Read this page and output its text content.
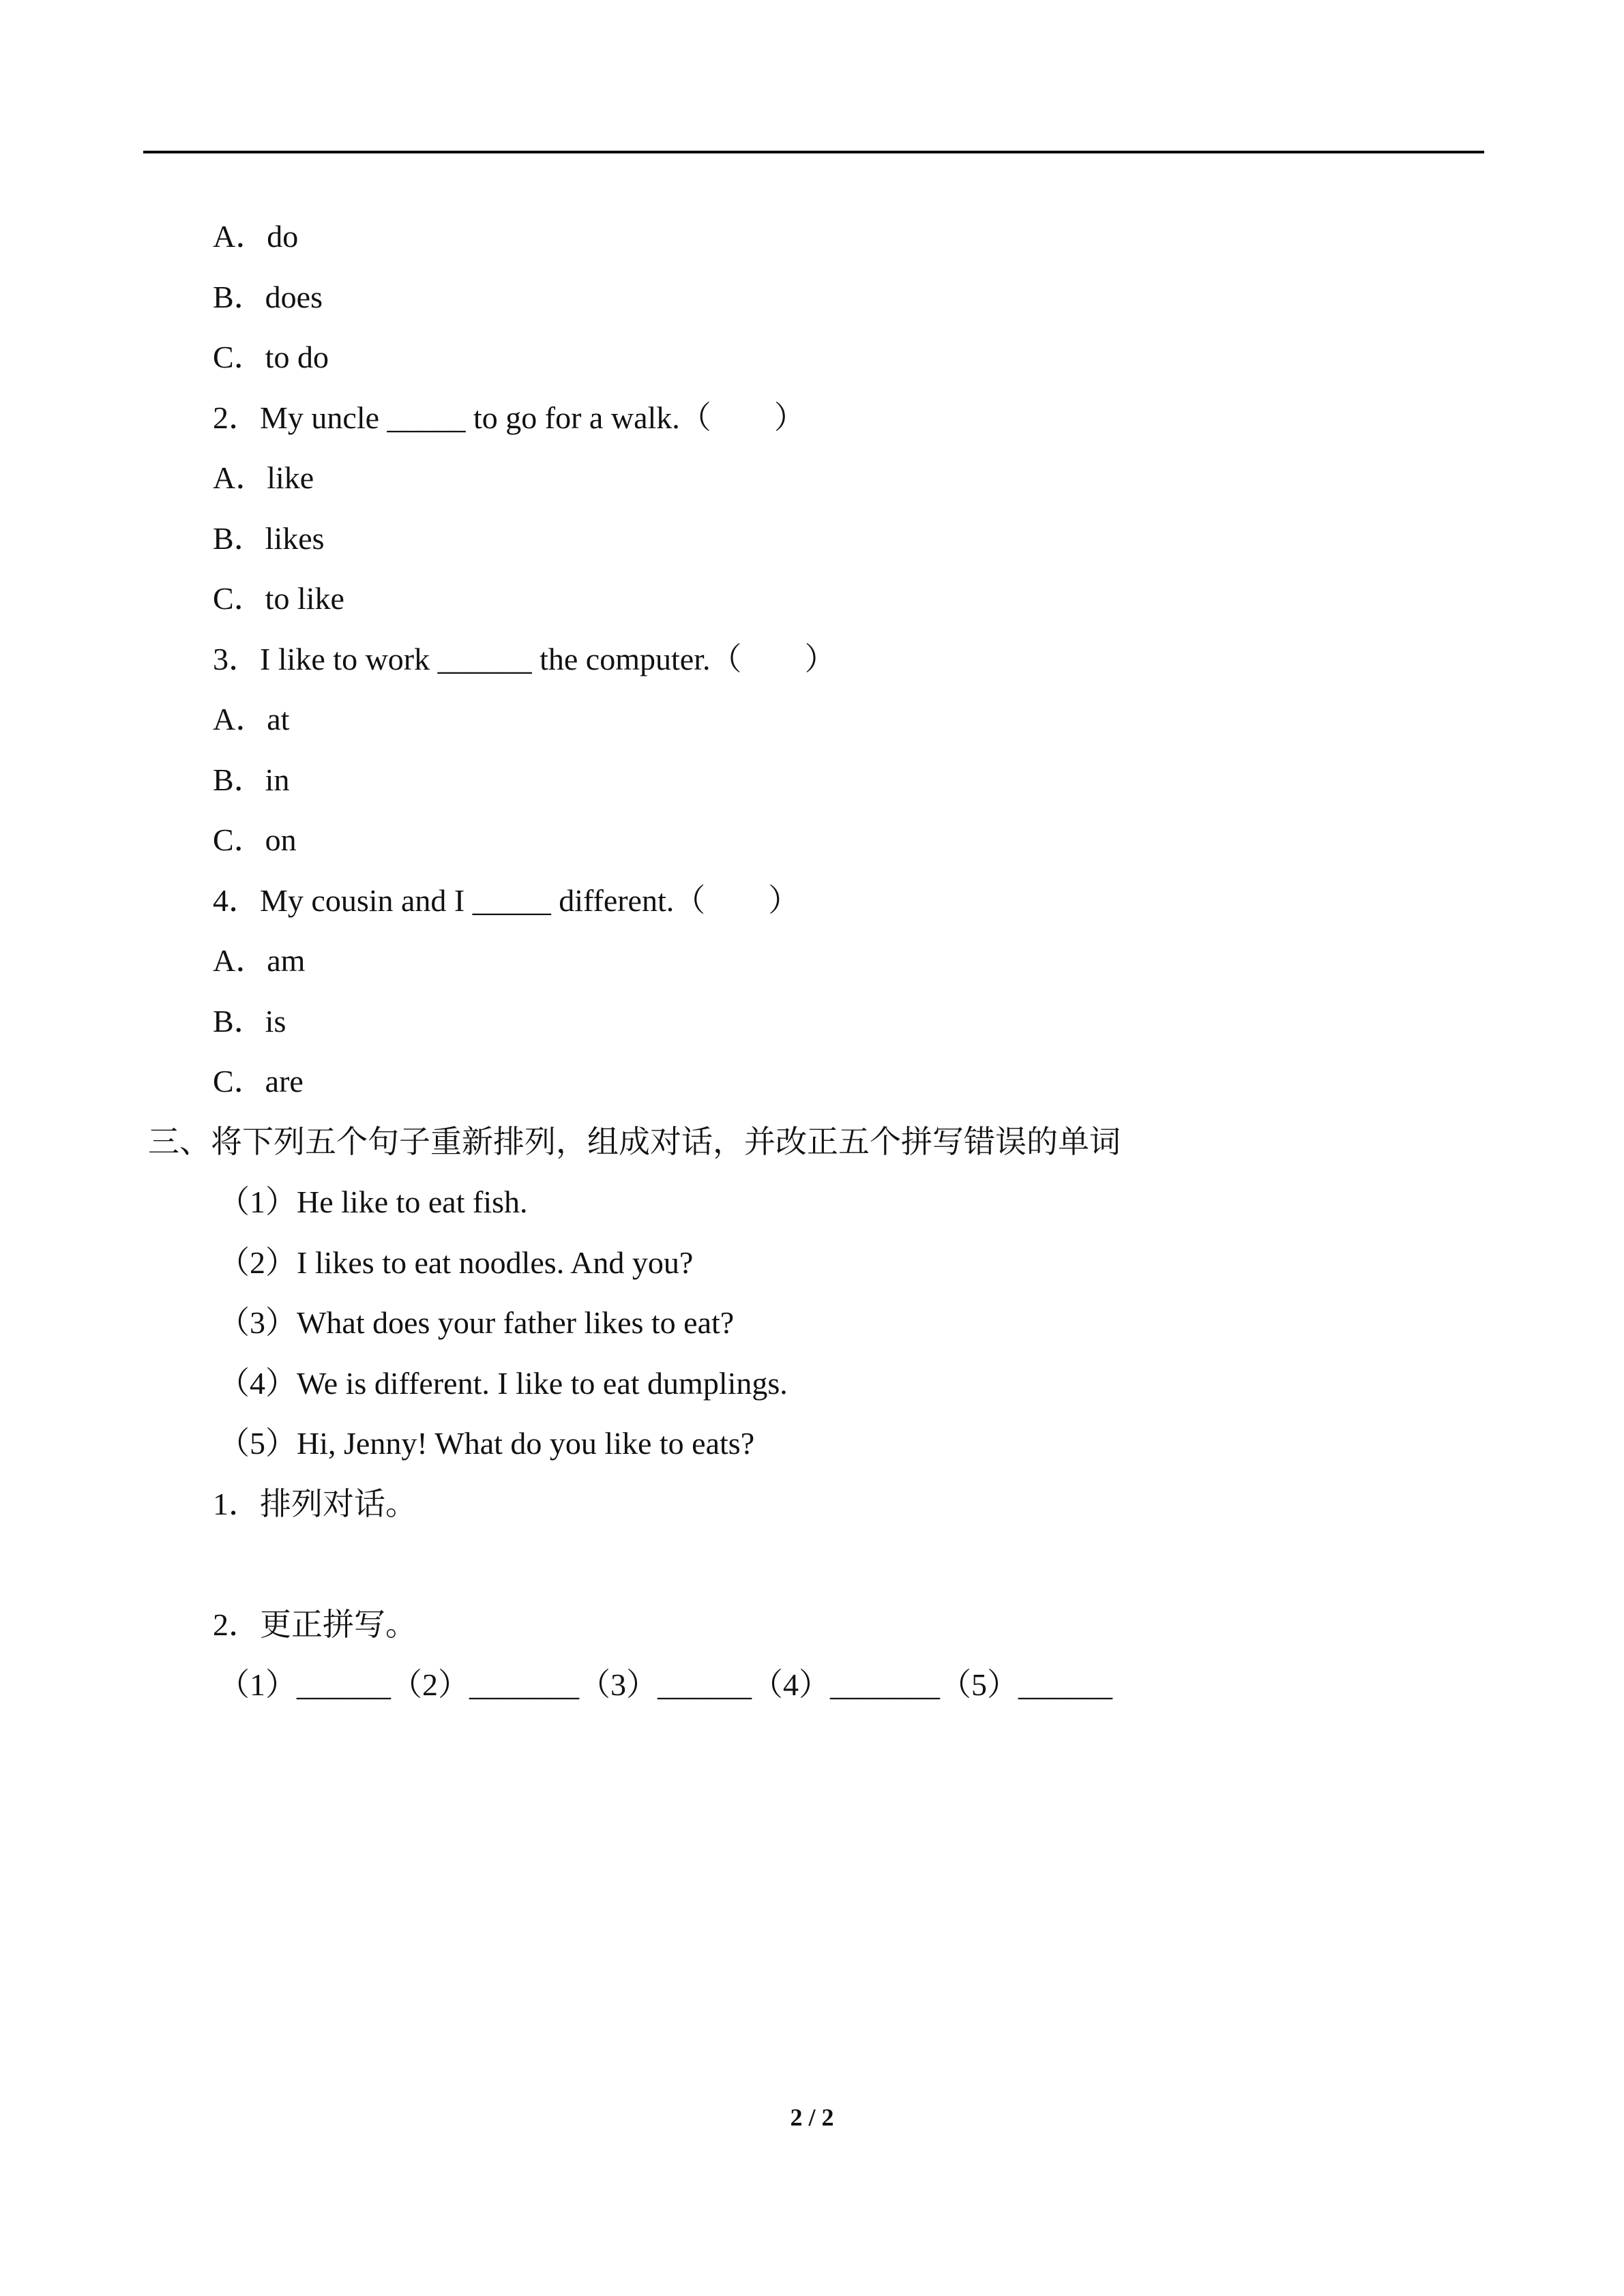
A．do
B．does
C．to do
2．My uncle _____ to go for a walk.（　　）
A．like
B．likes
C．to like
3．I like to work ______ the computer.（　　）
A．at
B．in
C．on
4．My cousin and I _____ different.（　　）
A．am
B．is
C．are
三、将下列五个句子重新排列，组成对话，并改正五个拼写错误的单词
（1）He like to eat fish.
（2）I likes to eat noodles. And you?
（3）What does your father likes to eat?
（4）We is different. I like to eat dumplings.
（5）Hi, Jenny! What do you like to eats?
1．排列对话。
2．更正拼写。
（1）______（2）_______（3）______（4）_______（5）______
2 / 2
